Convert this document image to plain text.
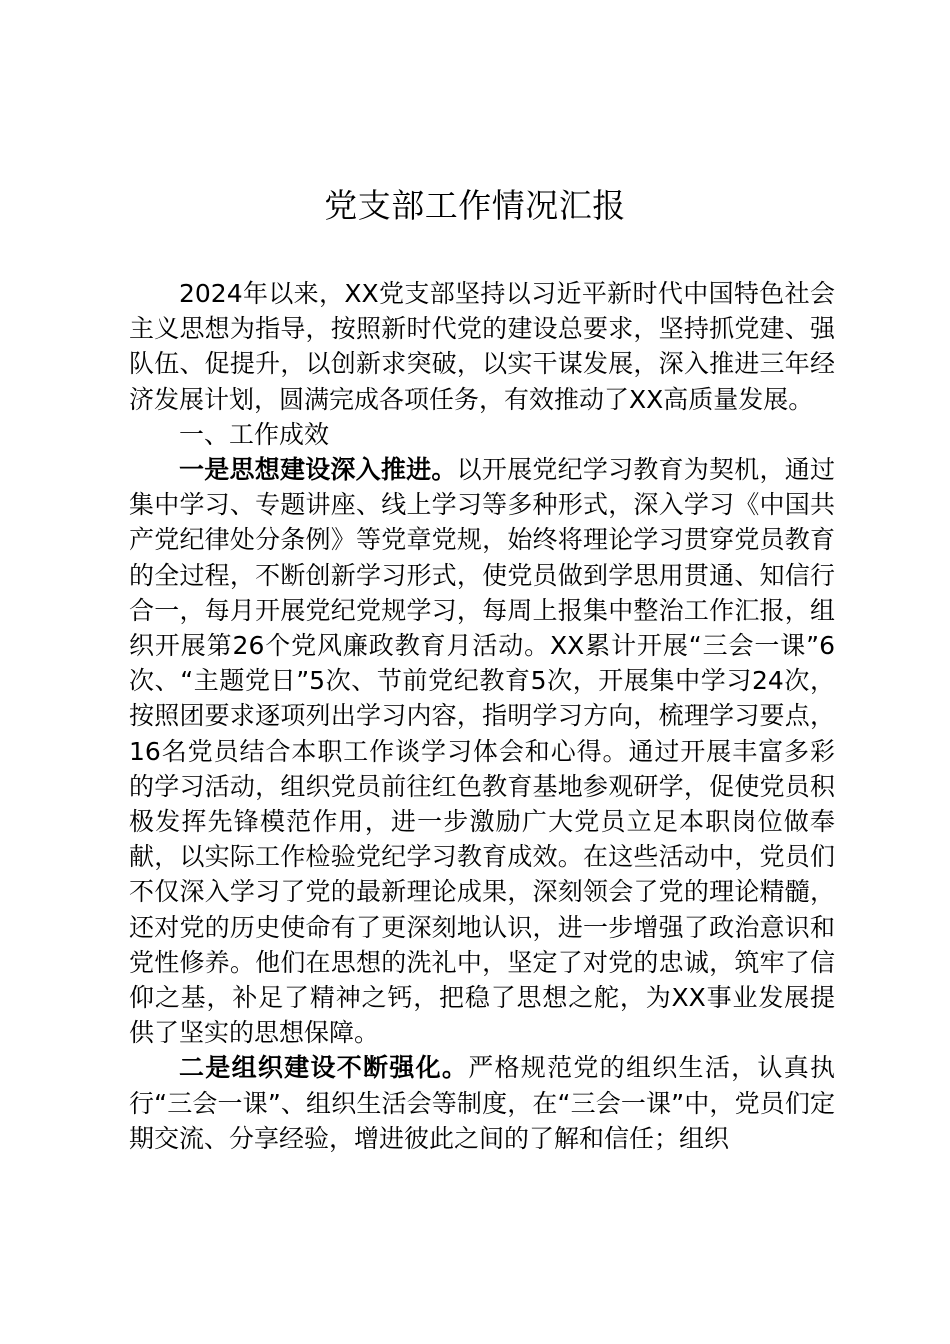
党支部工作情况汇报

2024年以来，XX党支部坚持以习近平新时代中国特色社会主义思想为指导，按照新时代党的建设总要求，坚持抓党建、强队伍、促提升，以创新求突破，以实干谋发展，深入推进三年经济发展计划，圆满完成各项任务，有效推动了XX高质量发展。

一、工作成效

一是思想建设深入推进。以开展党纪学习教育为契机，通过集中学习、专题讲座、线上学习等多种形式，深入学习《中国共产党纪律处分条例》等党章党规，始终将理论学习贯穿党员教育的全过程，不断创新学习形式，使党员做到学思用贯通、知信行合一，每月开展党纪党规学习，每周上报集中整治工作汇报，组织开展第26个党风廉政教育月活动。XX累计开展“三会一课”6次、“主题党日”5次、节前党纪教育5次，开展集中学习24次，按照团要求逐项列出学习内容，指明学习方向，梳理学习要点，16名党员结合本职工作谈学习体会和心得。通过开展丰富多彩的学习活动，组织党员前往红色教育基地参观研学，促使党员积极发挥先锋模范作用，进一步激励广大党员立足本职岗位做奉献，以实际工作检验党纪学习教育成效。在这些活动中，党员们不仅深入学习了党的最新理论成果，深刻领会了党的理论精髓，还对党的历史使命有了更深刻地认识，进一步增强了政治意识和党性修养。他们在思想的洗礼中，坚定了对党的忠诚，筑牢了信仰之基，补足了精神之钙，把稳了思想之舵，为XX事业发展提供了坚实的思想保障。

二是组织建设不断强化。严格规范党的组织生活，认真执行“三会一课”、组织生活会等制度，在“三会一课”中，党员们定期交流、分享经验，增进彼此之间的了解和信任；组织
